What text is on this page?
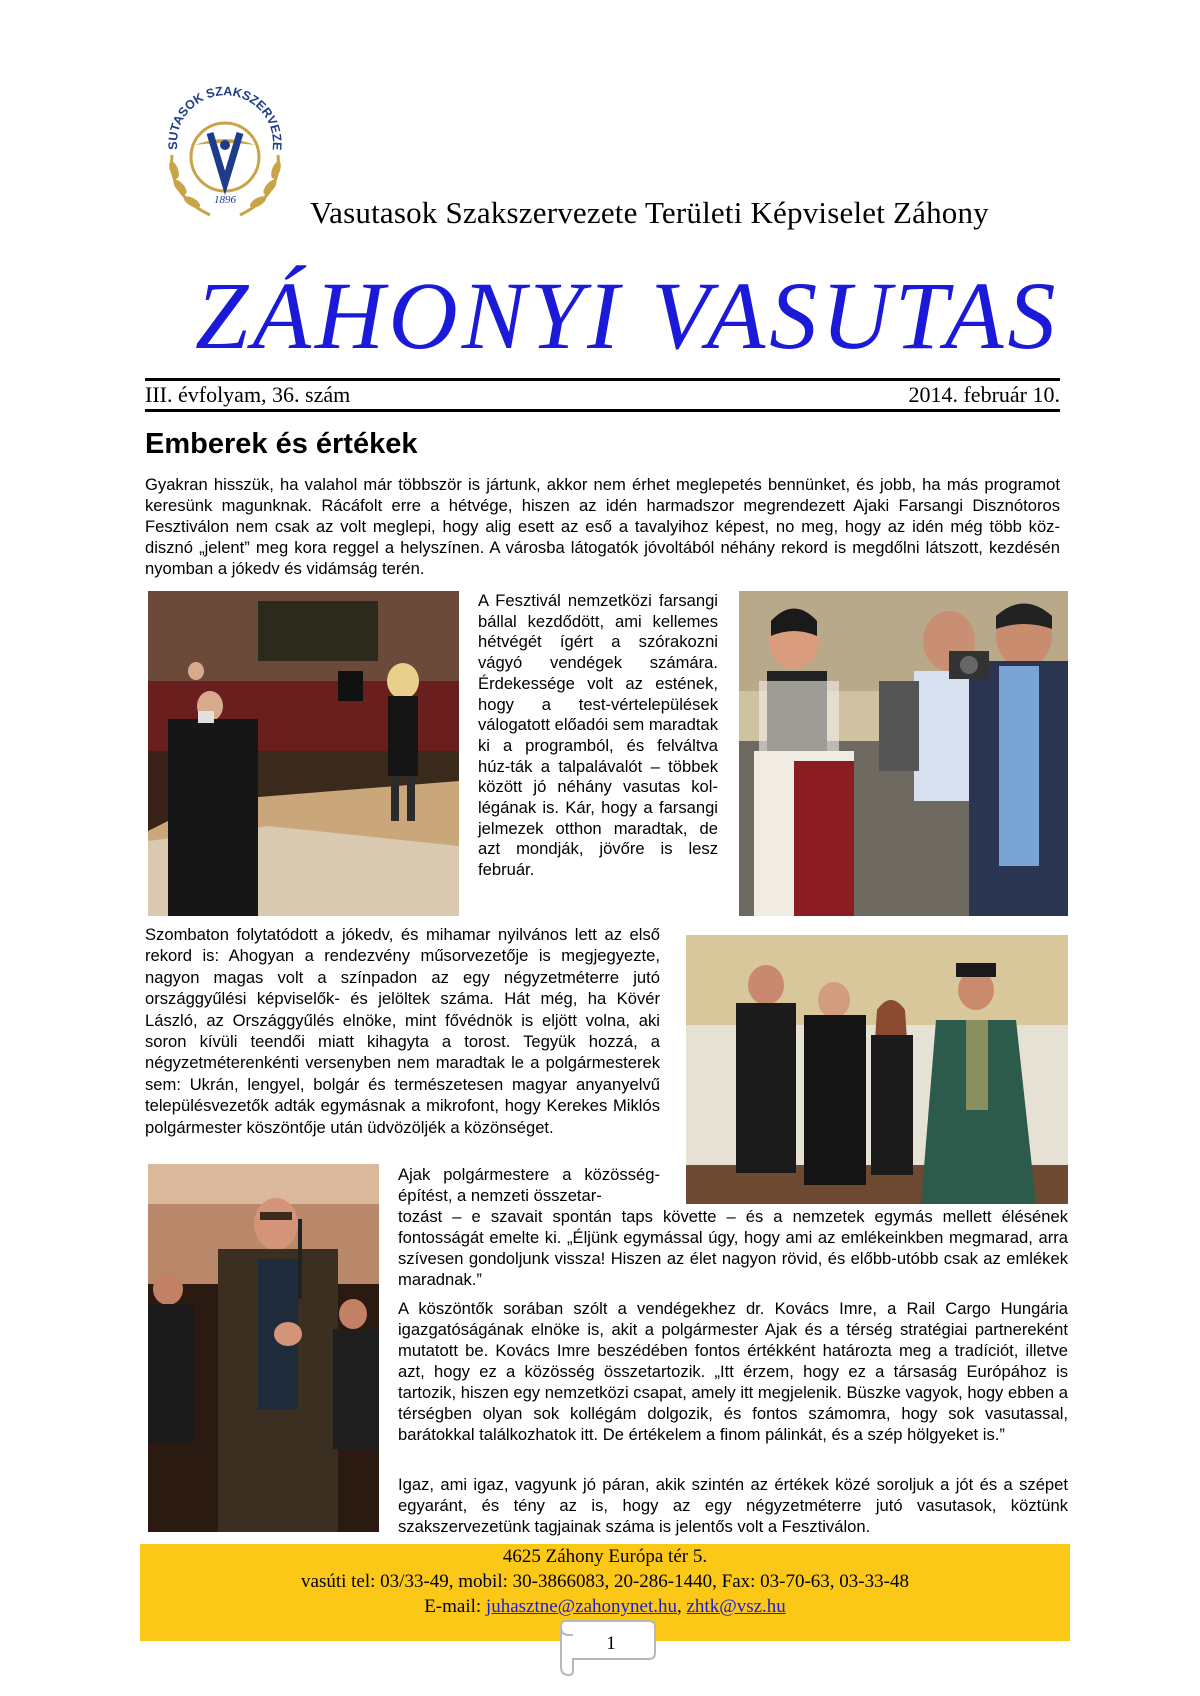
SUTASOK SZAKSZERVEZE
1896 Vasutasok Szakszervezete Területi Képviselet Záhony
ZÁHONYI VASUTAS
III. évfolyam, 36. szám	2014. február 10.
Emberek és értékek

Gyakran hisszük, ha valahol már többször is jártunk, akkor nem érhet meglepetés bennünket, és jobb, ha más programot keresünk magunknak. Rácáfolt erre a hétvége, hiszen az idén harmadszor megrendezett Ajaki Farsangi Disznótoros Fesztiválon nem csak az volt meglepi, hogy alig esett az eső a tavalyihoz képest, no meg, hogy az idén még több köz-disznó „jelent” meg kora reggel a helyszínen. A városba látogatók jóvoltából néhány rekord is megdőlni látszott, kezdésén nyomban a jókedv és vidámság terén.

A Fesztivál nemzetközi farsangi bállal kezdődött, ami kellemes hétvégét ígért a szórakozni vágyó vendégek számára. Érdekessége volt az estének, hogy a test-vértelepülések válogatott előadói sem maradtak ki a programból, és felváltva húz-ták a talpalávalót – többek között jó néhány vasutas kol-légának is. Kár, hogy a farsangi jelmezek otthon maradtak, de azt mondják, jövőre is lesz február.

Szombaton folytatódott a jókedv, és mihamar nyilvános lett az első rekord is: Ahogyan a rendezvény műsorvezetője is megjegyezte, nagyon magas volt a színpadon az egy négyzetméterre jutó országgyűlési képviselők- és jelöltek száma. Hát még, ha Kövér László, az Országgyűlés elnöke, mint fővédnök is eljött volna, aki soron kívüli teendői miatt kihagyta a torost. Tegyük hozzá, a négyzetméterenkénti versenyben nem maradtak le a polgármesterek sem: Ukrán, lengyel, bolgár és természetesen magyar anyanyelvű településvezetők adták egymásnak a mikrofont, hogy Kerekes Miklós polgármester köszöntője után üdvözöljék a közönséget.

Ajak polgármestere a közösség-építést, a nemzeti összetar-

tozást – e szavait spontán taps követte – és a nemzetek egymás mellett élésének fontosságát emelte ki. „Éljünk egymással úgy, hogy ami az emlékeinkben megmarad, arra szívesen gondoljunk vissza! Hiszen az élet nagyon rövid, és előbb-utóbb csak az emlékek maradnak.”

A köszöntők sorában szólt a vendégekhez dr. Kovács Imre, a Rail Cargo Hungária igazgatóságának elnöke is, akit a polgármester Ajak és a térség stratégiai partnereként mutatott be. Kovács Imre beszédében fontos értékként határozta meg a tradíciót, illetve azt, hogy ez a közösség összetartozik. „Itt érzem, hogy ez a társaság Európához is tartozik, hiszen egy nemzetközi csapat, amely itt megjelenik. Büszke vagyok, hogy ebben a térségben olyan sok kollégám dolgozik, és fontos számomra, hogy sok vasutassal, barátokkal találkozhatok itt. De értékelem a finom pálinkát, és a szép hölgyeket is.”

Igaz, ami igaz, vagyunk jó páran, akik szintén az értékek közé soroljuk a jót és a szépet egyaránt, és tény az is, hogy az egy négyzetméterre jutó vasutasok, köztünk szakszervezetünk tagjainak száma is jelentős volt a Fesztiválon.

4625 Záhony Európa tér 5.
vasúti tel: 03/33-49, mobil: 30-3866083, 20-286-1440, Fax: 03-70-63, 03-33-48
E-mail: juhasztne@zahonynet.hu, zhtk@vsz.hu
1
